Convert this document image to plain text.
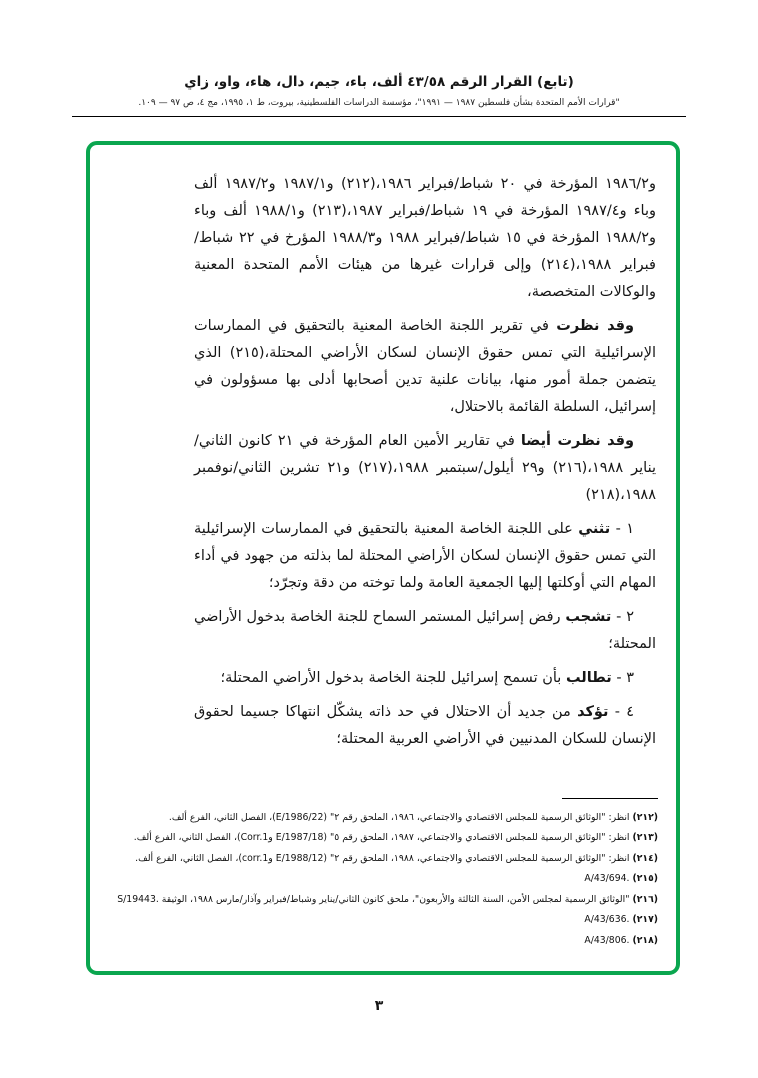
(تابع) القرار الرقم ٤٣/٥٨ ألف، باء، جيم، دال، هاء، واو، زاي
"قرارات الأمم المتحدة بشأن فلسطين ١٩٨٧ — ١٩٩١"، مؤسسة الدراسات الفلسطينية، بيروت، ط ١، ١٩٩٥، مج ٤، ص ٩٧ — ١٠٩.

و١٩٨٦/٢ المؤرخة في ٢٠ شباط/فبراير ١٩٨٦،(٢١٢) و١٩٨٧/١ و١٩٨٧/٢ ألف وباء و١٩٨٧/٤ المؤرخة في ١٩ شباط/فبراير ١٩٨٧،(٢١٣) و١٩٨٨/١ ألف وباء و١٩٨٨/٢ المؤرخة في ١٥ شباط/فبراير ١٩٨٨ و١٩٨٨/٣ المؤرخ في ٢٢ شباط/فبراير ١٩٨٨،(٢١٤) وإلى قرارات غيرها من هيئات الأمم المتحدة المعنية والوكالات المتخصصة،

وقد نظرت في تقرير اللجنة الخاصة المعنية بالتحقيق في الممارسات الإسرائيلية التي تمس حقوق الإنسان لسكان الأراضي المحتلة،(٢١٥) الذي يتضمن جملة أمور منها، بيانات علنية تدين أصحابها أدلى بها مسؤولون في إسرائيل، السلطة القائمة بالاحتلال،

وقد نظرت أيضا في تقارير الأمين العام المؤرخة في ٢١ كانون الثاني/يناير ١٩٨٨،(٢١٦) و٢٩ أيلول/سبتمبر ١٩٨٨،(٢١٧) و٢١ تشرين الثاني/نوفمبر ١٩٨٨،(٢١٨)

١ - تثني على اللجنة الخاصة المعنية بالتحقيق في الممارسات الإسرائيلية التي تمس حقوق الإنسان لسكان الأراضي المحتلة لما بذلته من جهود في أداء المهام التي أوكلتها إليها الجمعية العامة ولما توخته من دقة وتجرّد؛

٢ - تشجب رفض إسرائيل المستمر السماح للجنة الخاصة بدخول الأراضي المحتلة؛

٣ - تطالب بأن تسمح إسرائيل للجنة الخاصة بدخول الأراضي المحتلة؛

٤ - تؤكد من جديد أن الاحتلال في حد ذاته يشكّل انتهاكا جسيما لحقوق الإنسان للسكان المدنيين في الأراضي العربية المحتلة؛

(٢١٢) انظر: "الوثائق الرسمية للمجلس الاقتصادي والاجتماعي، ١٩٨٦، الملحق رقم ٢" (E/1986/22)، الفصل الثاني، الفرع ألف.
(٢١٣) انظر: "الوثائق الرسمية للمجلس الاقتصادي والاجتماعي، ١٩٨٧، الملحق رقم ٥" (E/1987/18 وCorr.1)، الفصل الثاني، الفرع ألف.
(٢١٤) انظر: "الوثائق الرسمية للمجلس الاقتصادي والاجتماعي، ١٩٨٨، الملحق رقم ٢" (E/1988/12 وcorr.1)، الفصل الثاني، الفرع ألف.
(٢١٥) A/43/694.‎
(٢١٦) "الوثائق الرسمية لمجلس الأمن، السنة الثالثة والأربعون"، ملحق كانون الثاني/يناير وشباط/فبراير وآذار/مارس ١٩٨٨، الوثيقة S/19443.‎
(٢١٧) A/43/636.‎
(٢١٨) A/43/806.‎
٣
